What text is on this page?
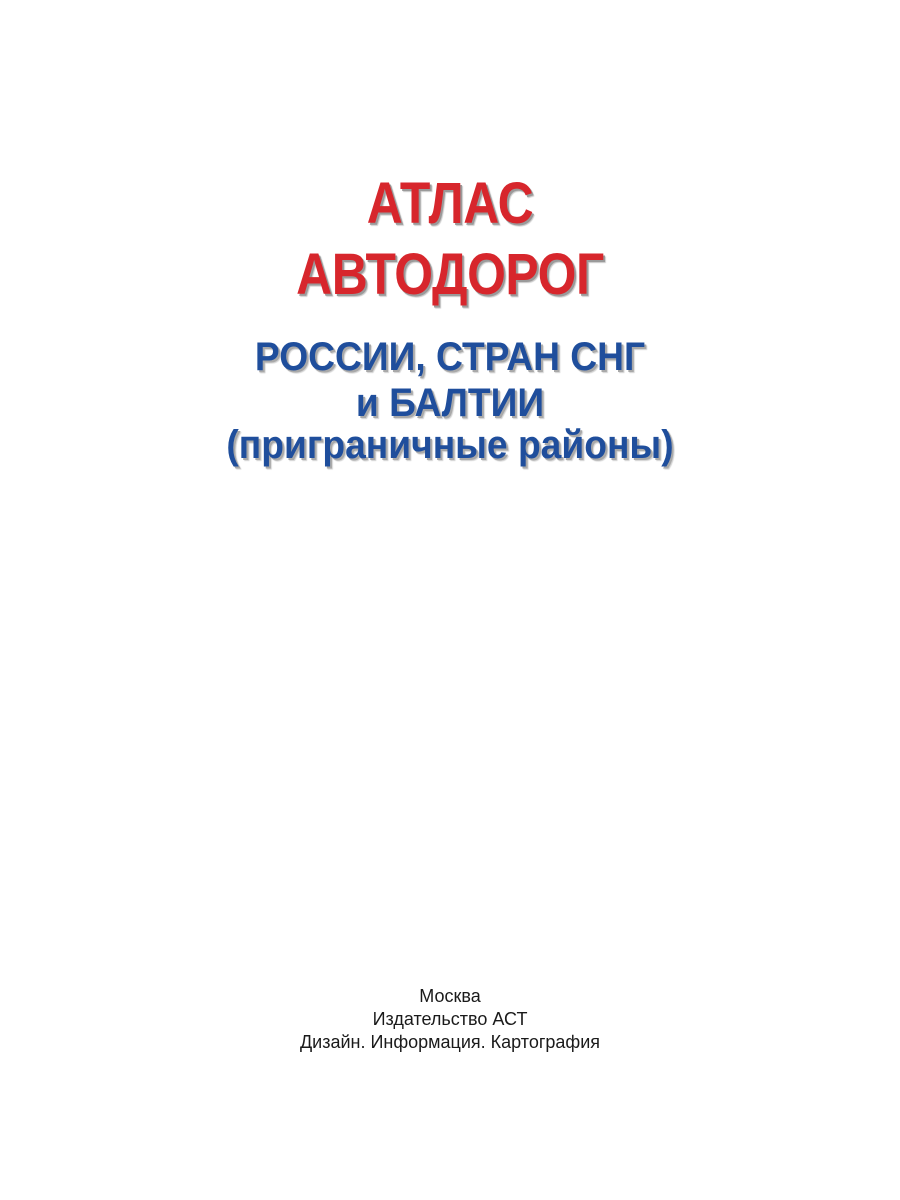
АТЛАС
АВТОДОРОГ
РОССИИ, СТРАН СНГ
и БАЛТИИ
(приграничные районы)
Москва
Издательство АСТ
Дизайн. Информация. Картография
